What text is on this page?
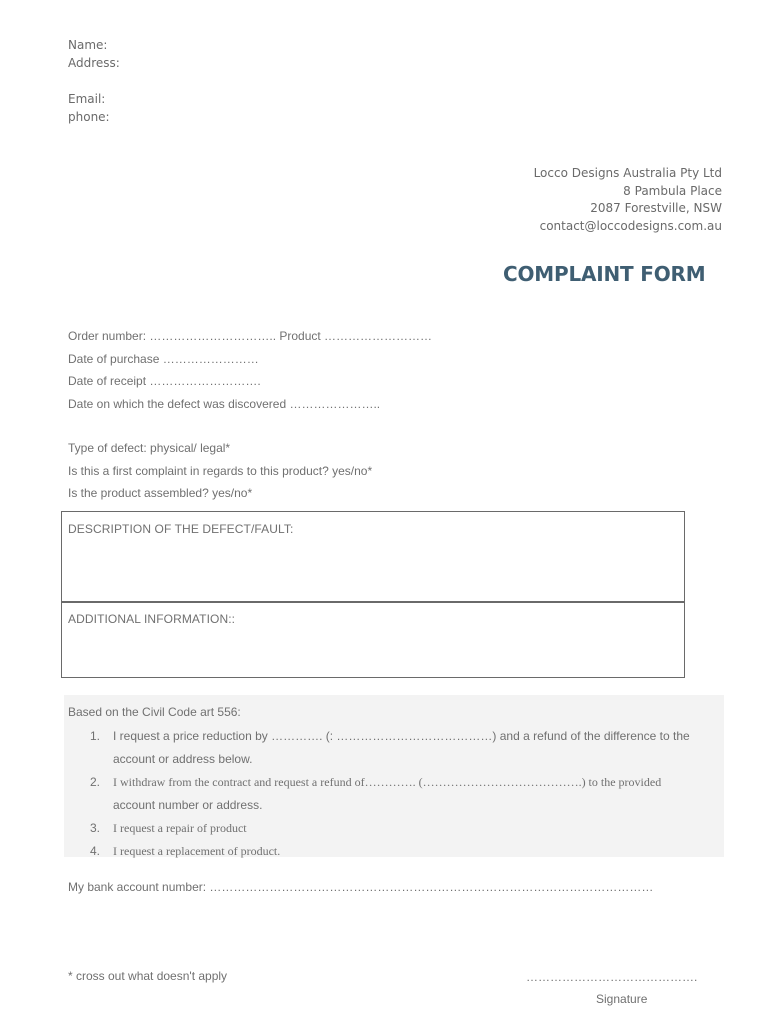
Name:
Address:
Email:
phone:
Locco Designs Australia Pty Ltd
8 Pambula Place
2087 Forestville, NSW
contact@loccodesigns.com.au
COMPLAINT FORM
Order number: ………………………….. Product ………………………
Date of purchase ……………………
Date of receipt ……………………….
Date on which the defect was discovered …………………..
Type of defect: physical/ legal*
Is this a first complaint in regards to this product? yes/no*
Is the product assembled? yes/no*
DESCRIPTION OF THE DEFECT/FAULT:
ADDITIONAL INFORMATION::
Based on the Civil Code art 556:
1. I request a price reduction by …………. (: …………………………………) and a refund of the difference to the
account or address below.
2. I withdraw from the contract and request a refund of…………. (………………………………….) to the provided
account number or address.
3. I request a repair of product
4. I request a replacement of product.
My bank account number: …………………………………………………………………………………………………
* cross out what doesn't apply	…………………………………….
Signature
